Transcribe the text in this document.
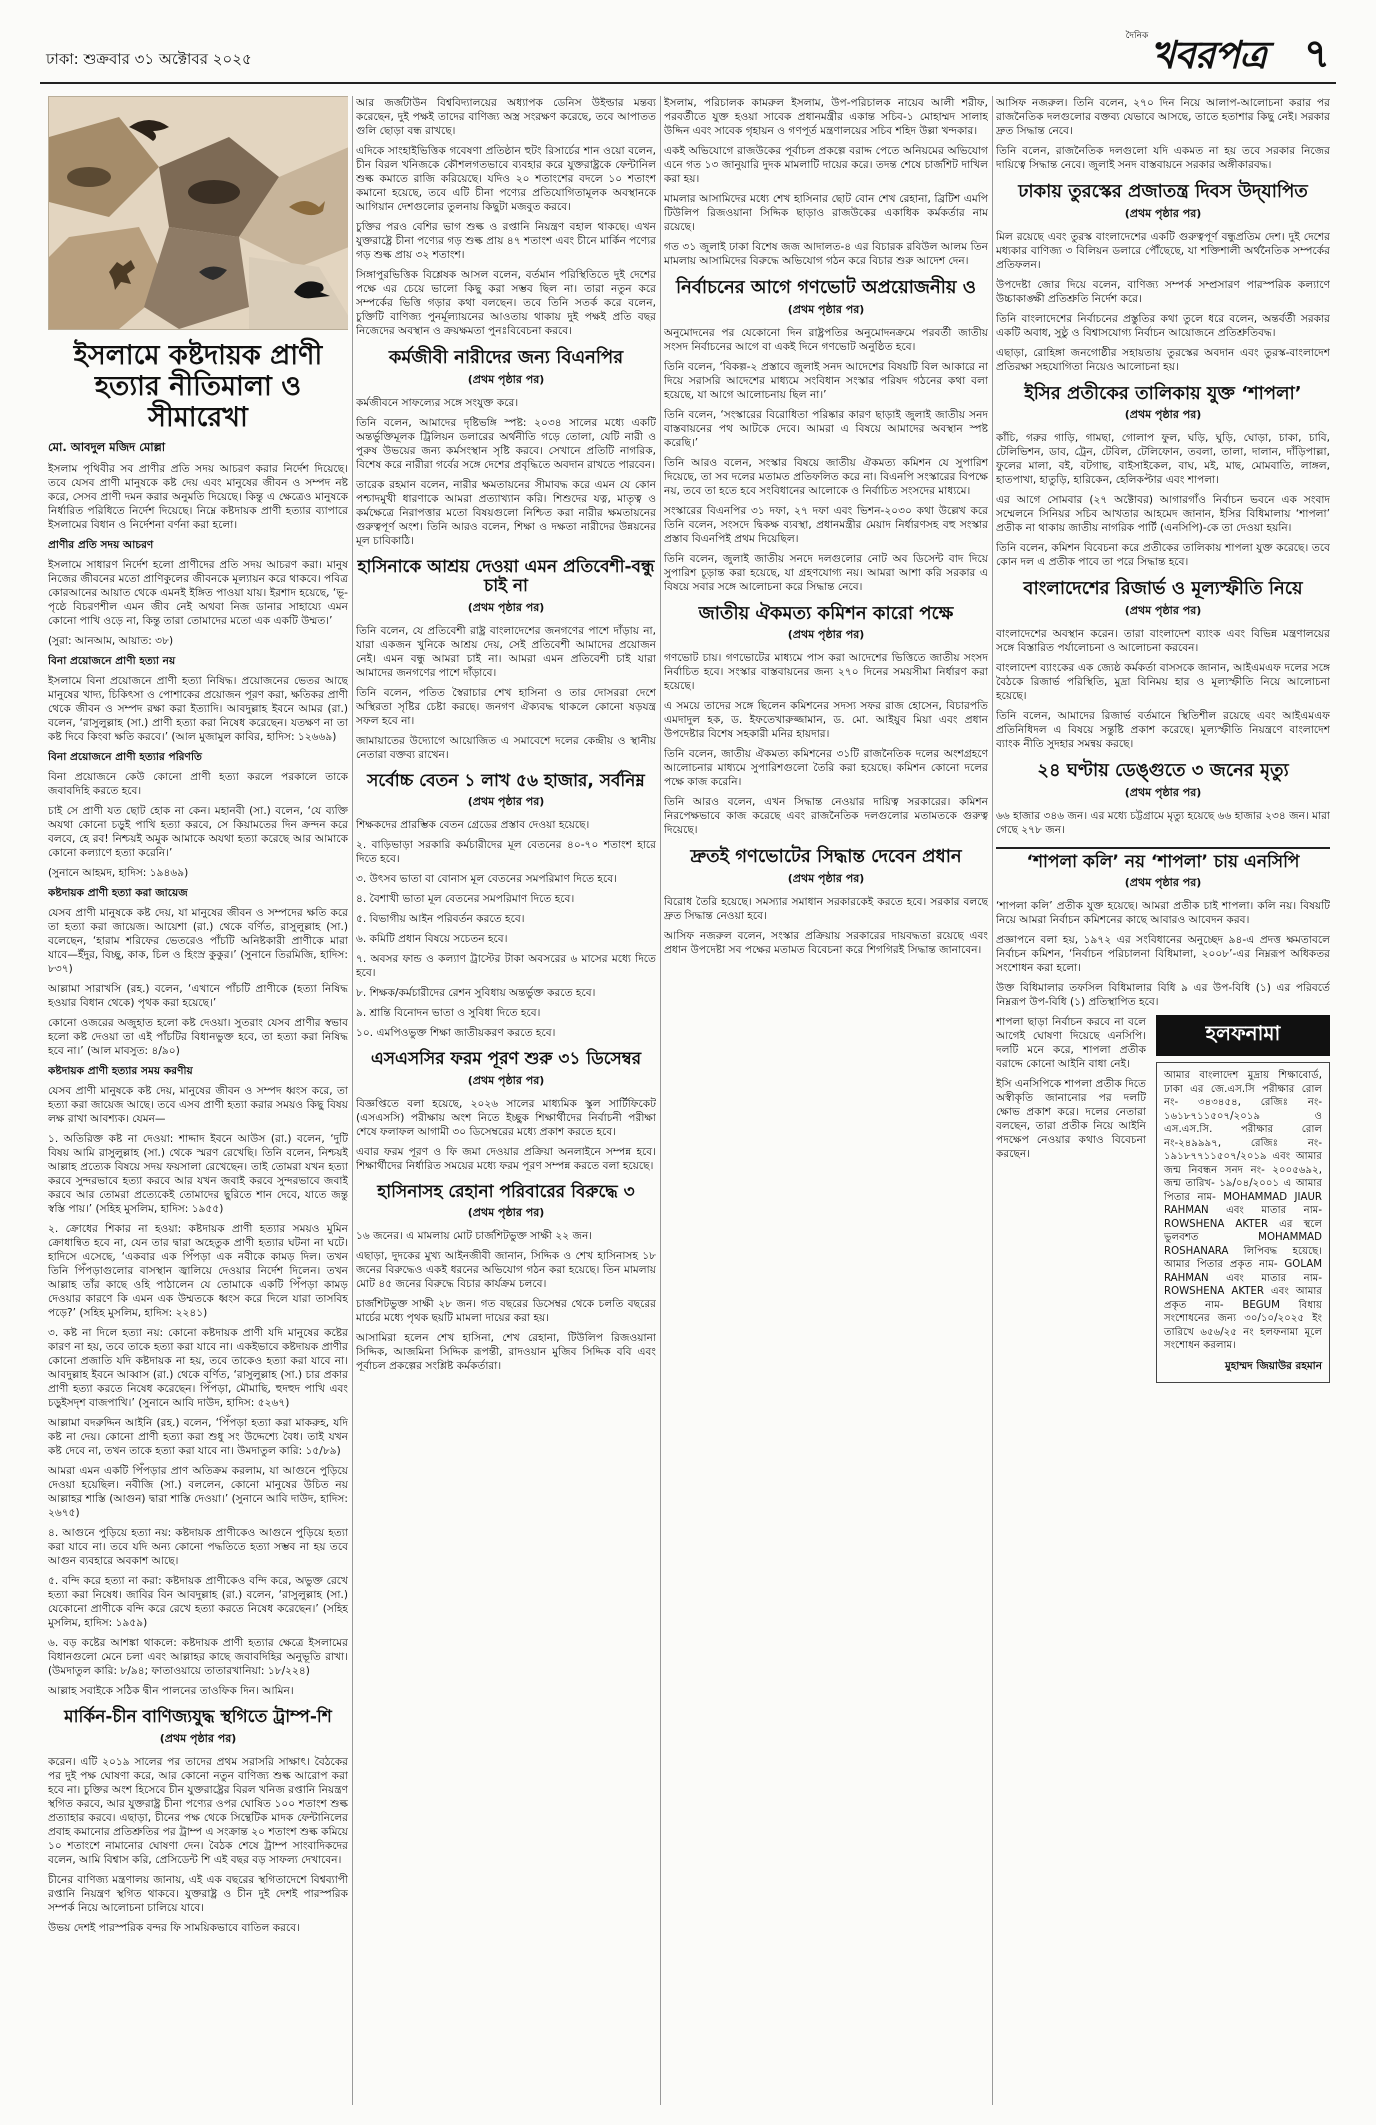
ঢাকা: শুক্রবার ৩১ অক্টোবর ২০২৫
দৈনিক খবরপত্র ৭
ইসলামে কষ্টদায়ক প্রাণী হত্যার নীতিমালা ও সীমারেখা
মো. আবদুল মজিদ মোল্লা

ইসলাম পৃথিবীর সব প্রাণীর প্রতি সদয় আচরণ করার নির্দেশ দিয়েছে। তবে যেসব প্রাণী মানুষকে কষ্ট দেয় এবং মানুষের জীবন ও সম্পদ নষ্ট করে, সেসব প্রাণী দমন করার অনুমতি দিয়েছে। কিন্তু এ ক্ষেত্রেও মানুষকে নির্ধারিত পরিধিতে নির্দেশ দিয়েছে। নিম্নে কষ্টদায়ক প্রাণী হত্যার ব্যাপারে ইসলামের বিধান ও নির্দেশনা বর্ণনা করা হলো।

প্রাণীর প্রতি সদয় আচরণ

ইসলামে সাধারণ নির্দেশ হলো প্রাণীদের প্রতি সদয় আচরণ করা। মানুষ নিজের জীবনের মতো প্রাণিকুলের জীবনকে মূল্যায়ন করে থাকবে। পবিত্র কোরআনের আয়াত থেকে এমনই ইঙ্গিত পাওয়া যায়। ইরশাদ হয়েছে, ‘ভূ-পৃষ্ঠে বিচরণশীল এমন জীব নেই অথবা নিজ ডানার সাহায্যে এমন কোনো পাখি ওড়ে না, কিন্তু তারা তোমাদের মতো এক একটি উম্মত।’

(সুরা: আনআম, আয়াত: ৩৮)

বিনা প্রয়োজনে প্রাণী হত্যা নয়

ইসলামে বিনা প্রয়োজনে প্রাণী হত্যা নিষিদ্ধ। প্রয়োজনের ভেতর আছে মানুষের খাদ্য, চিকিৎসা ও পোশাকের প্রয়োজন পূরণ করা, ক্ষতিকর প্রাণী থেকে জীবন ও সম্পদ রক্ষা করা ইত্যাদি। আবদুল্লাহ ইবনে আমর (রা.) বলেন, ‘রাসুলুল্লাহ (সা.) প্রাণী হত্যা করা নিষেধ করেছেন। যতক্ষণ না তা কষ্ট দিবে কিংবা ক্ষতি করবে।’ (আল মুজামুল কাবির, হাদিস: ১২৬৬৯)

বিনা প্রয়োজনে প্রাণী হত্যার পরিণতি

বিনা প্রয়োজনে কেউ কোনো প্রাণী হত্যা করলে পরকালে তাকে জবাবদিহি করতে হবে।

চাই সে প্রাণী যত ছোট হোক না কেন। মহানবী (সা.) বলেন, ‘যে ব্যক্তি অযথা কোনো চড়ুই পাখি হত্যা করবে, সে কিয়ামতের দিন ক্রন্দন করে বলবে, হে রব! নিশ্চয়ই অমুক আমাকে অযথা হত্যা করেছে আর আমাকে কোনো কল্যাণে হত্যা করেনি।’

(সুনানে আহমদ, হাদিস: ১৯৪৬৯)

কষ্টদায়ক প্রাণী হত্যা করা জায়েজ

যেসব প্রাণী মানুষকে কষ্ট দেয়, যা মানুষের জীবন ও সম্পদের ক্ষতি করে তা হত্যা করা জায়েজ। আয়েশা (রা.) থেকে বর্ণিত, রাসুলুল্লাহ (সা.) বলেছেন, ‘হারাম শরিফের ভেতরেও পাঁচটি অনিষ্টকারী প্রাণীকে মারা যাবে—ইঁদুর, বিচ্ছু, কাক, চিল ও হিংস্র কুকুর।’ (সুনানে তিরমিজি, হাদিস: ৮৩৭)

আল্লামা সারাখসি (রহ.) বলেন, ‘এখানে পাঁচটি প্রাণীকে (হত্যা নিষিদ্ধ হওয়ার বিধান থেকে) পৃথক করা হয়েছে।’

কোনো ওজরের অজুহাত হলো কষ্ট দেওয়া। সুতরাং যেসব প্রাণীর স্বভাব হলো কষ্ট দেওয়া তা এই পাঁচটির বিধানভুক্ত হবে, তা হত্যা করা নিষিদ্ধ হবে না।’ (আল মাবসুত: ৪/৯০)

কষ্টদায়ক প্রাণী হত্যার সময় করণীয়

যেসব প্রাণী মানুষকে কষ্ট দেয়, মানুষের জীবন ও সম্পদ ধ্বংস করে, তা হত্যা করা জায়েজ আছে। তবে এসব প্রাণী হত্যা করার সময়ও কিছু বিষয় লক্ষ রাখা আবশ্যক। যেমন—

১. অতিরিক্ত কষ্ট না দেওয়া: শাদ্দাদ ইবনে আউস (রা.) বলেন, ‘দুটি বিষয় আমি রাসুলুল্লাহ (সা.) থেকে স্মরণ রেখেছি। তিনি বলেন, নিশ্চয়ই আল্লাহ প্রত্যেক বিষয়ে সদয় ফয়সালা রেখেছেন। তাই তোমরা যখন হত্যা করবে সুন্দরভাবে হত্যা করবে আর যখন জবাই করবে সুন্দরভাবে জবাই করবে আর তোমরা প্রত্যেকেই তোমাদের ছুরিতে শান দেবে, যাতে জন্তু স্বস্তি পায়।’ (সহিহ মুসলিম, হাদিস: ১৯৫৫)

২. ক্রোধের শিকার না হওয়া: কষ্টদায়ক প্রাণী হত্যার সময়ও মুমিন ক্রোধান্বিত হবে না, যেন তার দ্বারা অহেতুক প্রাণী হত্যার ঘটনা না ঘটে। হাদিসে এসেছে, ‘একবার এক পিঁপড়া এক নবীকে কামড় দিল। তখন তিনি পিঁপড়াগুলোর বাসস্থান জ্বালিয়ে দেওয়ার নির্দেশ দিলেন। তখন আল্লাহ তাঁর কাছে ওহি পাঠালেন যে তোমাকে একটি পিঁপড়া কামড় দেওয়ার কারণে কি এমন এক উম্মতকে ধ্বংস করে দিলে যারা তাসবিহ পড়ে?’ (সহিহ মুসলিম, হাদিস: ২২৪১)

৩. কষ্ট না দিলে হত্যা নয়: কোনো কষ্টদায়ক প্রাণী যদি মানুষের কষ্টের কারণ না হয়, তবে তাকে হত্যা করা যাবে না। একইভাবে কষ্টদায়ক প্রাণীর কোনো প্রজাতি যদি কষ্টদায়ক না হয়, তবে তাকেও হত্যা করা যাবে না। আবদুল্লাহ ইবনে আব্বাস (রা.) থেকে বর্ণিত, ‘রাসুলুল্লাহ (সা.) চার প্রকার প্রাণী হত্যা করতে নিষেধ করেছেন। পিঁপড়া, মৌমাছি, হুদহুদ পাখি এবং চড়ুইসদৃশ বাজপাখি।’ (সুনানে আবি দাউদ, হাদিস: ৫২৬৭)

আল্লামা বদরুদ্দিন আইনি (রহ.) বলেন, ‘পিঁপড়া হত্যা করা মাকরুহ, যদি কষ্ট না দেয়। কোনো প্রাণী হত্যা করা শুধু সং উদ্দেশ্যে বৈধ। তাই যখন কষ্ট দেবে না, তখন তাকে হত্যা করা যাবে না। উমদাতুল কারি: ১৫/৮৯)

আমরা এমন একটি পিঁপড়ার প্রাণ অতিক্রম করলাম, যা আগুনে পুড়িয়ে দেওয়া হয়েছিল। নবীজি (সা.) বললেন, কোনো মানুষের উচিত নয় আল্লাহর শাস্তি (আগুন) দ্বারা শাস্তি দেওয়া।’ (সুনানে আবি দাউদ, হাদিস: ২৬৭৫)

৪. আগুনে পুড়িয়ে হত্যা নয়: কষ্টদায়ক প্রাণীকেও আগুনে পুড়িয়ে হত্যা করা যাবে না। তবে যদি অন্য কোনো পদ্ধতিতে হত্যা সম্ভব না হয় তবে আগুন ব্যবহারে অবকাশ আছে।

৫. বন্দি করে হত্যা না করা: কষ্টদায়ক প্রাণীকেও বন্দি করে, অভুক্ত রেখে হত্যা করা নিষেধ। জাবির বিন আবদুল্লাহ (রা.) বলেন, ‘রাসুলুল্লাহ (সা.) যেকোনো প্রাণীকে বন্দি করে রেখে হত্যা করতে নিষেধ করেছেন।’ (সহিহ মুসলিম, হাদিস: ১৯৫৯)

৬. বড় কষ্টের আশঙ্কা থাকলে: কষ্টদায়ক প্রাণী হত্যার ক্ষেত্রে ইসলামের বিধানগুলো মেনে চলা এবং আল্লাহর কাছে জবাবদিহির অনুভূতি রাখা। (উমদাতুল কারি: ৮/৯৪; ফাতাওয়ায়ে তাতারখানিয়া: ১৮/২২৪)

আল্লাহ সবাইকে সঠিক দ্বীন পালনের তাওফিক দিন। আমিন।

মার্কিন-চীন বাণিজ্যযুদ্ধ স্থগিতে ট্রাম্প-শি
(প্রথম পৃষ্ঠার পর)

করেন। এটি ২০১৯ সালের পর তাদের প্রথম সরাসরি সাক্ষাৎ। বৈঠকের পর দুই পক্ষ ঘোষণা করে, আর কোনো নতুন বাণিজ্য শুল্ক আরোপ করা হবে না। চুক্তির অংশ হিসেবে চীন যুক্তরাষ্ট্রের বিরল খনিজ রপ্তানি নিয়ন্ত্রণ স্থগিত করবে, আর যুক্তরাষ্ট্র চীনা পণ্যের ওপর ঘোষিত ১০০ শতাংশ শুল্ক প্রত্যাহার করবে। এছাড়া, চীনের পক্ষ থেকে সিন্থেটিক মাদক ফেন্টানিলের প্রবাহ কমানোর প্রতিশ্রুতির পর ট্রাম্প এ সংক্রান্ত ২০ শতাংশ শুল্ক কমিয়ে ১০ শতাংশে নামানোর ঘোষণা দেন। বৈঠক শেষে ট্রাম্প সাংবাদিকদের বলেন, আমি বিশ্বাস করি, প্রেসিডেন্ট শি এই বছর বড় সাফল্য দেখাবেন।

চীনের বাণিজ্য মন্ত্রণালয় জানায়, এই এক বছরের স্থগিতাদেশে বিশ্বব্যাপী রপ্তানি নিয়ন্ত্রণ স্থগিত থাকবে। যুক্তরাষ্ট্র ও চীন দুই দেশই পারস্পরিক সম্পর্ক নিয়ে আলোচনা চালিয়ে যাবে।

উভয় দেশই পারস্পরিক বন্দর ফি সাময়িকভাবে বাতিল করবে।

আর জর্জটাউন বিশ্ববিদ্যালয়ের অধ্যাপক ডেনিস উইল্ডার মন্তব্য করেছেন, দুই পক্ষই তাদের বাণিজ্য অস্ত্র সংরক্ষণ করেছে, তবে আপাতত গুলি ছোড়া বন্ধ রাখছে।

এদিকে সাংহাইভিত্তিক গবেষণা প্রতিষ্ঠান হুটং রিসার্চের শান ওয়ো বলেন, চীন বিরল খনিজকে কৌশলগতভাবে ব্যবহার করে যুক্তরাষ্ট্রকে ফেন্টানিল শুল্ক কমাতে রাজি করিয়েছে। যদিও ২০ শতাংশের বদলে ১০ শতাংশ কমানো হয়েছে, তবে এটি চীনা পণ্যের প্রতিযোগিতামূলক অবস্থানকে আগিয়ান দেশগুলোর তুলনায় কিছুটা মজবুত করবে।

চুক্তির পরও বেশির ভাগ শুল্ক ও রপ্তানি নিয়ন্ত্রণ বহাল থাকছে। এখন যুক্তরাষ্ট্রে চীনা পণ্যের গড় শুল্ক প্রায় ৪৭ শতাংশ এবং চীনে মার্কিন পণ্যের গড় শুল্ক প্রায় ৩২ শতাংশ।

সিঙ্গাপুরভিত্তিক বিশ্লেষক আসল বলেন, বর্তমান পরিস্থিতিতে দুই দেশের পক্ষে এর চেয়ে ভালো কিছু করা সম্ভব ছিল না। তারা নতুন করে সম্পর্কের ভিত্তি গড়ার কথা বলছেন। তবে তিনি সতর্ক করে বলেন, চুক্তিটি বাণিজ্য পুনর্মূল্যায়নের আওতায় থাকায় দুই পক্ষই প্রতি বছর নিজেদের অবস্থান ও ক্রয়ক্ষমতা পুনঃবিবেচনা করবে।

কর্মজীবী নারীদের জন্য বিএনপির
(প্রথম পৃষ্ঠার পর)

কর্মজীবনে সাফল্যের সঙ্গে সংযুক্ত করে।

তিনি বলেন, আমাদের দৃষ্টিভঙ্গি স্পষ্ট: ২০৩৪ সালের মধ্যে একটি অন্তর্ভুক্তিমূলক ট্রিলিয়ন ডলারের অর্থনীতি গড়ে তোলা, যেটি নারী ও পুরুষ উভয়ের জন্য কর্মসংস্থান সৃষ্টি করবে। সেখানে প্রতিটি নাগরিক, বিশেষ করে নারীরা গর্বের সঙ্গে দেশের প্রবৃদ্ধিতে অবদান রাখতে পারবেন।

তারেক রহমান বলেন, নারীর ক্ষমতায়নের সীমাবদ্ধ করে এমন যে কোন পশ্চাদমুখী ধারণাকে আমরা প্রত্যাখ্যান করি। শিশুদের যত্ন, মাতৃত্ব ও কর্মক্ষেত্রে নিরাপত্তার মতো বিষয়গুলো নিশ্চিত করা নারীর ক্ষমতায়নের গুরুত্বপূর্ণ অংশ। তিনি আরও বলেন, শিক্ষা ও দক্ষতা নারীদের উন্নয়নের মূল চাবিকাঠি।

হাসিনাকে আশ্রয় দেওয়া এমন প্রতিবেশী-বন্ধু চাই না
(প্রথম পৃষ্ঠার পর)

তিনি বলেন, যে প্রতিবেশী রাষ্ট্র বাংলাদেশের জনগণের পাশে দাঁড়ায় না, যারা একজন খুনিকে আশ্রয় দেয়, সেই প্রতিবেশী আমাদের প্রয়োজন নেই। এমন বন্ধু আমরা চাই না। আমরা এমন প্রতিবেশী চাই যারা আমাদের জনগণের পাশে দাঁড়াবে।

তিনি বলেন, পতিত স্বৈরাচার শেখ হাসিনা ও তার দোসররা দেশে অস্থিরতা সৃষ্টির চেষ্টা করছে। জনগণ ঐক্যবদ্ধ থাকলে কোনো ষড়যন্ত্র সফল হবে না।

জামায়াতের উদ্যোগে আয়োজিত এ সমাবেশে দলের কেন্দ্রীয় ও স্থানীয় নেতারা বক্তব্য রাখেন।

সর্বোচ্চ বেতন ১ লাখ ৫৬ হাজার, সর্বনিম্ন
(প্রথম পৃষ্ঠার পর)

শিক্ষকদের প্রারম্ভিক বেতন গ্রেডের প্রস্তাব দেওয়া হয়েছে।

২. বাড়িভাড়া সরকারি কর্মচারীদের মূল বেতনের ৪০-৭০ শতাংশ হারে দিতে হবে।

৩. উৎসব ভাতা বা বোনাস মূল বেতনের সমপরিমাণ দিতে হবে।

৪. বৈশাখী ভাতা মূল বেতনের সমপরিমাণ দিতে হবে।

৫. বিভাগীয় আইন পরিবর্তন করতে হবে।

৬. কমিটি প্রধান বিষয়ে সচেতন হবে।

৭. অবসর ফান্ড ও কল্যাণ ট্রাস্টের টাকা অবসরের ৬ মাসের মধ্যে দিতে হবে।

৮. শিক্ষক/কর্মচারীদের রেশন সুবিধায় অন্তর্ভুক্ত করতে হবে।

৯. শ্রান্তি বিনোদন ভাতা ও সুবিধা দিতে হবে।

১০. এমপিওভুক্ত শিক্ষা জাতীয়করণ করতে হবে।

এসএসসির ফরম পূরণ শুরু ৩১ ডিসেম্বর
(প্রথম পৃষ্ঠার পর)

বিজ্ঞপ্তিতে বলা হয়েছে, ২০২৬ সালের মাধ্যমিক স্কুল সার্টিফিকেট (এসএসসি) পরীক্ষায় অংশ নিতে ইচ্ছুক শিক্ষার্থীদের নির্বাচনী পরীক্ষা শেষে ফলাফল আগামী ৩০ ডিসেম্বরের মধ্যে প্রকাশ করতে হবে।

এবার ফরম পূরণ ও ফি জমা দেওয়ার প্রক্রিয়া অনলাইনে সম্পন্ন হবে। শিক্ষার্থীদের নির্ধারিত সময়ের মধ্যে ফরম পূরণ সম্পন্ন করতে বলা হয়েছে।

হাসিনাসহ রেহানা পরিবারের বিরুদ্ধে ৩
(প্রথম পৃষ্ঠার পর)

১৬ জনের। এ মামলায় মোট চার্জশিটভুক্ত সাক্ষী ২২ জন।

এছাড়া, দুদকের মুখ্য আইনজীবী জানান, সিদ্দিক ও শেখ হাসিনাসহ ১৮ জনের বিরুদ্ধেও একই ধরনের অভিযোগ গঠন করা হয়েছে। তিন মামলায় মোট ৪৫ জনের বিরুদ্ধে বিচার কার্যক্রম চলবে।

চার্জশিটভুক্ত সাক্ষী ২৮ জন। গত বছরের ডিসেম্বর থেকে চলতি বছরের মার্চের মধ্যে পৃথক ছয়টি মামলা দায়ের করা হয়।

আসামিরা হলেন শেখ হাসিনা, শেখ রেহানা, টিউলিপ রিজওয়ানা সিদ্দিক, আজমিনা সিদ্দিক রূপন্তী, রাদওয়ান মুজিব সিদ্দিক ববি এবং পূর্বাচল প্রকল্পের সংশ্লিষ্ট কর্মকর্তারা।

ইসলাম, পরিচালক কামরুল ইসলাম, উপ-পরিচালক নায়েব আলী শরীফ, পরবর্তীতে যুক্ত হওয়া সাবেক প্রধানমন্ত্রীর একান্ত সচিব-১ মোহাম্মদ সালাহ উদ্দিন এবং সাবেক গৃহায়ন ও গণপূর্ত মন্ত্রণালয়ের সচিব শহিদ উল্লা খন্দকার।

একই অভিযোগে রাজউকের পূর্বাচল প্রকল্পে বরাদ্দ পেতে অনিয়মের অভিযোগ এনে গত ১৩ জানুয়ারি দুদক মামলাটি দায়ের করে। তদন্ত শেষে চার্জশিট দাখিল করা হয়।

মামলার আসামিদের মধ্যে শেখ হাসিনার ছোট বোন শেখ রেহানা, ব্রিটিশ এমপি টিউলিপ রিজওয়ানা সিদ্দিক ছাড়াও রাজউকের একাধিক কর্মকর্তার নাম রয়েছে।

গত ৩১ জুলাই ঢাকা বিশেষ জজ আদালত-৪ এর বিচারক রবিউল আলম তিন মামলায় আসামিদের বিরুদ্ধে অভিযোগ গঠন করে বিচার শুরু আদেশ দেন।

নির্বাচনের আগে গণভোট অপ্রয়োজনীয় ও
(প্রথম পৃষ্ঠার পর)

অনুমোদনের পর যেকোনো দিন রাষ্ট্রপতির অনুমোদনক্রমে পরবর্তী জাতীয় সংসদ নির্বাচনের আগে বা একই দিনে গণভোট অনুষ্ঠিত হবে।

তিনি বলেন, ‘বিকল্প-২ প্রস্তাবে জুলাই সনদ আদেশের বিষয়টি বিল আকারে না দিয়ে সরাসরি আদেশের মাধ্যমে সংবিধান সংস্কার পরিষদ গঠনের কথা বলা হয়েছে, যা আগে আলোচনায় ছিল না।’

তিনি বলেন, ‘সংস্কারের বিরোধিতা পরিষ্কার কারণ ছাড়াই জুলাই জাতীয় সনদ বাস্তবায়নের পথ আটকে দেবে। আমরা এ বিষয়ে আমাদের অবস্থান স্পষ্ট করেছি।’

তিনি আরও বলেন, সংস্কার বিষয়ে জাতীয় ঐকমত্য কমিশন যে সুপারিশ দিয়েছে, তা সব দলের মতামত প্রতিফলিত করে না। বিএনপি সংস্কারের বিপক্ষে নয়, তবে তা হতে হবে সংবিধানের আলোকে ও নির্বাচিত সংসদের মাধ্যমে।

সংস্কারের বিএনপির ৩১ দফা, ২৭ দফা এবং ভিশন-২০৩০ কথা উল্লেখ করে তিনি বলেন, সংসদে দ্বিকক্ষ ব্যবস্থা, প্রধানমন্ত্রীর মেয়াদ নির্ধারণসহ বহু সংস্কার প্রস্তাব বিএনপিই প্রথম দিয়েছিল।

তিনি বলেন, জুলাই জাতীয় সনদে দলগুলোর নোট অব ডিসেন্ট বাদ দিয়ে সুপারিশ চূড়ান্ত করা হয়েছে, যা গ্রহণযোগ্য নয়। আমরা আশা করি সরকার এ বিষয়ে সবার সঙ্গে আলোচনা করে সিদ্ধান্ত নেবে।

জাতীয় ঐকমত্য কমিশন কারো পক্ষে
(প্রথম পৃষ্ঠার পর)

গণভোট চায়। গণভোটের মাধ্যমে পাস করা আদেশের ভিত্তিতে জাতীয় সংসদ নির্বাচিত হবে। সংস্কার বাস্তবায়নের জন্য ২৭০ দিনের সময়সীমা নির্ধারণ করা হয়েছে।

এ সময়ে তাদের সঙ্গে ছিলেন কমিশনের সদস্য সফর রাজ হোসেন, বিচারপতি এমদাদুল হক, ড. ইফতেখারুজ্জামান, ড. মো. আইয়ুব মিয়া এবং প্রধান উপদেষ্টার বিশেষ সহকারী মনির হায়দার।

তিনি বলেন, জাতীয় ঐকমত্য কমিশনের ৩১টি রাজনৈতিক দলের অংশগ্রহণে আলোচনার মাধ্যমে সুপারিশগুলো তৈরি করা হয়েছে। কমিশন কোনো দলের পক্ষে কাজ করেনি।

তিনি আরও বলেন, এখন সিদ্ধান্ত নেওয়ার দায়িত্ব সরকারের। কমিশন নিরপেক্ষভাবে কাজ করেছে এবং রাজনৈতিক দলগুলোর মতামতকে গুরুত্ব দিয়েছে।

দ্রুতই গণভোটের সিদ্ধান্ত দেবেন প্রধান
(প্রথম পৃষ্ঠার পর)

বিরোধ তৈরি হয়েছে। সমস্যার সমাধান সরকারকেই করতে হবে। সরকার বলছে দ্রুত সিদ্ধান্ত নেওয়া হবে।

আসিফ নজরুল বলেন, সংস্কার প্রক্রিয়ায় সরকারের দায়বদ্ধতা রয়েছে এবং প্রধান উপদেষ্টা সব পক্ষের মতামত বিবেচনা করে শিগগিরই সিদ্ধান্ত জানাবেন।

আসিফ নজরুল। তিনি বলেন, ২৭০ দিন নিয়ে আলাপ-আলোচনা করার পর রাজনৈতিক দলগুলোর বক্তব্য যেভাবে আসছে, তাতে হতাশার কিছু নেই। সরকার দ্রুত সিদ্ধান্ত নেবে।

তিনি বলেন, রাজনৈতিক দলগুলো যদি একমত না হয় তবে সরকার নিজের দায়িত্বে সিদ্ধান্ত নেবে। জুলাই সনদ বাস্তবায়নে সরকার অঙ্গীকারবদ্ধ।

ঢাকায় তুরস্কের প্রজাতন্ত্র দিবস উদ্‌যাপিত
(প্রথম পৃষ্ঠার পর)

মিল রয়েছে এবং তুরস্ক বাংলাদেশের একটি গুরুত্বপূর্ণ বন্ধুপ্রতিম দেশ। দুই দেশের মধ্যকার বাণিজ্য ৩ বিলিয়ন ডলারে পৌঁছেছে, যা শক্তিশালী অর্থনৈতিক সম্পর্কের প্রতিফলন।

উপদেষ্টা জোর দিয়ে বলেন, বাণিজ্য সম্পর্ক সম্প্রসারণ পারস্পরিক কল্যাণে উচ্চাকাঙ্ক্ষী প্রতিশ্রুতি নির্দেশ করে।

তিনি বাংলাদেশের নির্বাচনের প্রস্তুতির কথা তুলে ধরে বলেন, অন্তর্বর্তী সরকার একটি অবাধ, সুষ্ঠু ও বিশ্বাসযোগ্য নির্বাচন আয়োজনে প্রতিশ্রুতিবদ্ধ।

এছাড়া, রোহিঙ্গা জনগোষ্ঠীর সহায়তায় তুরস্কের অবদান এবং তুরস্ক-বাংলাদেশ প্রতিরক্ষা সহযোগিতা নিয়েও আলোচনা হয়।

ইসির প্রতীকের তালিকায় যুক্ত ‘শাপলা’
(প্রথম পৃষ্ঠার পর)

কাঁচি, গরুর গাড়ি, গামছা, গোলাপ ফুল, ঘড়ি, ঘুড়ি, ঘোড়া, চাকা, চাবি, টেলিভিশন, ডাব, ট্রেন, টেবিল, টেলিফোন, তবলা, তালা, দালান, দাঁড়িপাল্লা, ফুলের মালা, বই, বটগাছ, বাইসাইকেল, বাঘ, মই, মাছ, মোমবাতি, লাঙ্গল, হাতপাখা, হাতুড়ি, হারিকেন, হেলিকপ্টার এবং শাপলা।

এর আগে সোমবার (২৭ অক্টোবর) আগারগাঁও নির্বাচন ভবনে এক সংবাদ সম্মেলনে সিনিয়র সচিব আখতার আহমেদ জানান, ইসির বিধিমালায় ‘শাপলা’ প্রতীক না থাকায় জাতীয় নাগরিক পার্টি (এনসিপি)-কে তা দেওয়া হয়নি।

তিনি বলেন, কমিশন বিবেচনা করে প্রতীকের তালিকায় শাপলা যুক্ত করেছে। তবে কোন দল এ প্রতীক পাবে তা পরে সিদ্ধান্ত হবে।

বাংলাদেশের রিজার্ভ ও মূল্যস্ফীতি নিয়ে
(প্রথম পৃষ্ঠার পর)

বাংলাদেশের অবস্থান করেন। তারা বাংলাদেশ ব্যাংক এবং বিভিন্ন মন্ত্রণালয়ের সঙ্গে বিস্তারিত পর্যালোচনা ও আলোচনা করবেন।

বাংলাদেশ ব্যাংকের এক জ্যেষ্ঠ কর্মকর্তা বাসসকে জানান, আইএমএফ দলের সঙ্গে বৈঠকে রিজার্ভ পরিস্থিতি, মুদ্রা বিনিময় হার ও মূল্যস্ফীতি নিয়ে আলোচনা হয়েছে।

তিনি বলেন, আমাদের রিজার্ভ বর্তমানে স্থিতিশীল রয়েছে এবং আইএমএফ প্রতিনিধিদল এ বিষয়ে সন্তুষ্টি প্রকাশ করেছে। মূল্যস্ফীতি নিয়ন্ত্রণে বাংলাদেশ ব্যাংক নীতি সুদহার সমন্বয় করছে।

২৪ ঘণ্টায় ডেঙ্গুতে ৩ জনের মৃত্যু
(প্রথম পৃষ্ঠার পর)

৬৬ হাজার ৩৪৬ জন। এর মধ্যে চট্টগ্রামে মৃত্যু হয়েছে ৬৬ হাজার ২৩৪ জন। মারা গেছে ২৭৮ জন।

‘শাপলা কলি’ নয় ‘শাপলা’ চায় এনসিপি
(প্রথম পৃষ্ঠার পর)

‘শাপলা কলি’ প্রতীক যুক্ত হয়েছে। আমরা প্রতীক চাই শাপলা। কলি নয়। বিষয়টি নিয়ে আমরা নির্বাচন কমিশনের কাছে আবারও আবেদন করব।

প্রজ্ঞাপনে বলা হয়, ১৯৭২ এর সংবিধানের অনুচ্ছেদ ৯৪-এ প্রদত্ত ক্ষমতাবলে নির্বাচন কমিশন, ‘নির্বাচন পরিচালনা বিধিমালা, ২০০৮’-এর নিম্নরূপ অধিকতর সংশোধন করা হলো।

উক্ত বিধিমালার তফসিল বিধিমালার বিধি ৯ এর উপ-বিধি (১) এর পরিবর্তে নিম্নরূপ উপ-বিধি (১) প্রতিস্থাপিত হবে।

শাপলা ছাড়া নির্বাচন করবে না বলে আগেই ঘোষণা দিয়েছে এনসিপি। দলটি মনে করে, শাপলা প্রতীক বরাদ্দে কোনো আইনি বাধা নেই।

ইসি এনসিপিকে শাপলা প্রতীক দিতে অস্বীকৃতি জানানোর পর দলটি ক্ষোভ প্রকাশ করে। দলের নেতারা বলছেন, তারা প্রতীক নিয়ে আইনি পদক্ষেপ নেওয়ার কথাও বিবেচনা করছেন।

হলফনামা

আমার বাংলাদেশ মুদ্রায় শিক্ষাবোর্ড, ঢাকা এর জে.এস.সি পরীক্ষার রোল নং- ৩৪৩৪৫৪, রেজিঃ নং- ১৬১৮৭১১৫০৭/২০১৯ ও এস.এস.সি. পরীক্ষার রোল নং-২৪৯৯৯৭, রেজিঃ নং- ১৯১৮৭৭১১৫০৭/২০১৯ এবং আমার জন্ম নিবন্ধন সনদ নং- ২০০৫৬৯২, জন্ম তারিখ- ১৯/০৪/২০০১ এ আমার পিতার নাম- MOHAMMAD JIAUR RAHMAN এবং মাতার নাম- ROWSHENA AKTER এর স্থলে ভুলবশত MOHAMMAD ROSHANARA লিপিবদ্ধ হয়েছে। আমার পিতার প্রকৃত নাম- GOLAM RAHMAN এবং মাতার নাম- ROWSHENA AKTER এবং আমার প্রকৃত নাম- BEGUM বিধায় সংশোধনের জন্য ৩০/১০/২০২৫ ইং তারিখে ৬৫৬/২৫ নং হলফনামা মূলে সংশোধন করলাম।

মুহাম্মদ জিয়াউর রহমান
